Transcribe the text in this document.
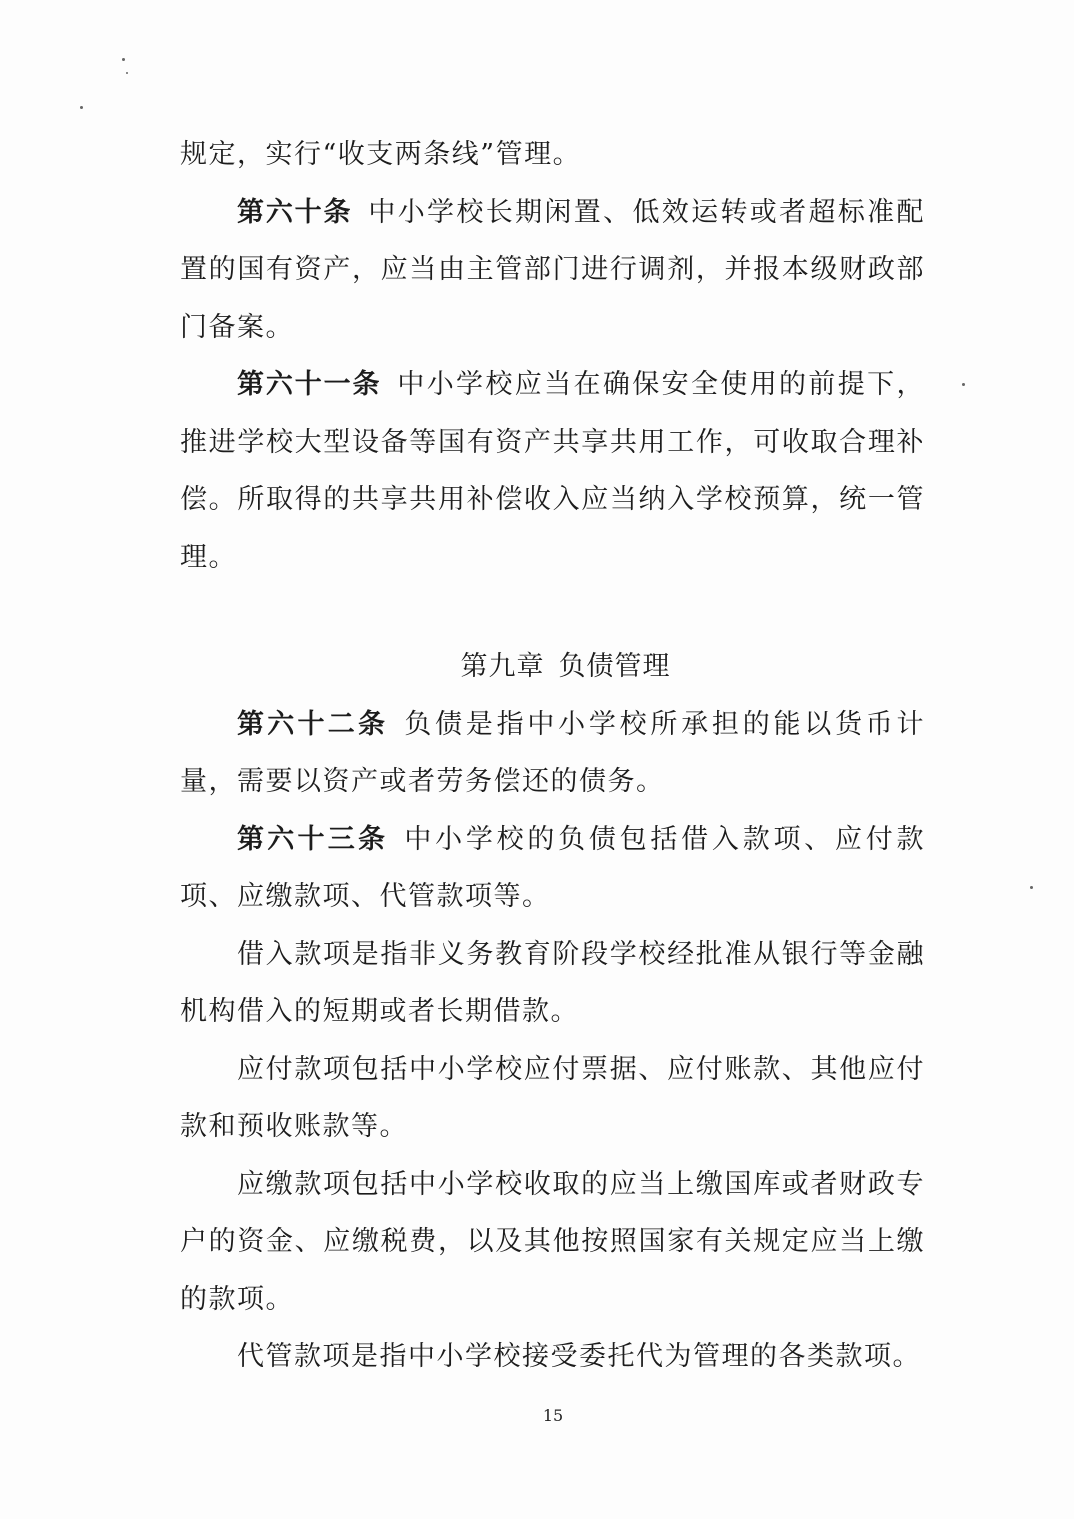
规定，实行“收支两条线”管理。

第六十条 中小学校长期闲置、低效运转或者超标准配置的国有资产，应当由主管部门进行调剂，并报本级财政部门备案。

第六十一条 中小学校应当在确保安全使用的前提下，推进学校大型设备等国有资产共享共用工作，可收取合理补偿。所取得的共享共用补偿收入应当纳入学校预算，统一管理。

第九章 负债管理

第六十二条 负债是指中小学校所承担的能以货币计量，需要以资产或者劳务偿还的债务。

第六十三条 中小学校的负债包括借入款项、应付款项、应缴款项、代管款项等。

借入款项是指非义务教育阶段学校经批准从银行等金融机构借入的短期或者长期借款。

应付款项包括中小学校应付票据、应付账款、其他应付款和预收账款等。

应缴款项包括中小学校收取的应当上缴国库或者财政专户的资金、应缴税费，以及其他按照国家有关规定应当上缴的款项。

代管款项是指中小学校接受委托代为管理的各类款项。

15
